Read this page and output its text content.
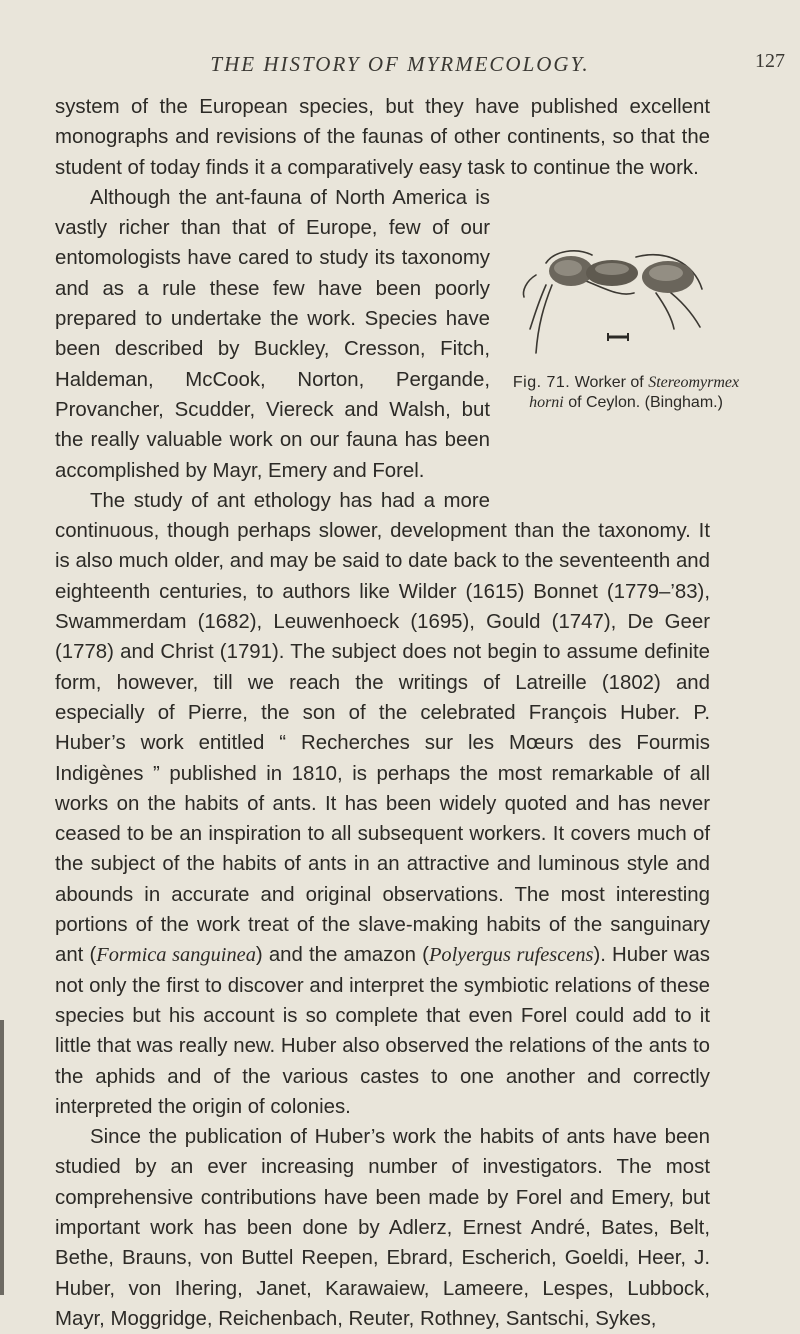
THE HISTORY OF MYRMECOLOGY.	127

system of the European species, but they have published excellent monographs and revisions of the faunas of other continents, so that the student of today finds it a comparatively easy task to continue the work.

Fig. 71. Worker of Stereomyrmex horni of Ceylon. (Bingham.)

Although the ant-fauna of North America is vastly richer than that of Europe, few of our entomologists have cared to study its taxonomy and as a rule these few have been poorly prepared to undertake the work. Species have been described by Buckley, Cresson, Fitch, Haldeman, McCook, Norton, Pergande, Provancher, Scudder, Viereck and Walsh, but the really valuable work on our fauna has been accomplished by Mayr, Emery and Forel.

The study of ant ethology has had a more continuous, though perhaps slower, development than the taxonomy. It is also much older, and may be said to date back to the seventeenth and eighteenth centuries, to authors like Wilder (1615) Bonnet (1779–’83), Swammerdam (1682), Leuwenhoeck (1695), Gould (1747), De Geer (1778) and Christ (1791). The subject does not begin to assume definite form, however, till we reach the writings of Latreille (1802) and especially of Pierre, the son of the celebrated François Huber. P. Huber’s work entitled “ Recherches sur les Mœurs des Fourmis Indigènes ” published in 1810, is perhaps the most remarkable of all works on the habits of ants. It has been widely quoted and has never ceased to be an inspiration to all subsequent workers. It covers much of the subject of the habits of ants in an attractive and luminous style and abounds in accurate and original observations. The most interesting portions of the work treat of the slave-making habits of the sanguinary ant (Formica sanguinea) and the amazon (Polyergus rufescens). Huber was not only the first to discover and interpret the symbiotic relations of these species but his account is so complete that even Forel could add to it little that was really new. Huber also observed the relations of the ants to the aphids and of the various castes to one another and correctly interpreted the origin of colonies.

Since the publication of Huber’s work the habits of ants have been studied by an ever increasing number of investigators. The most comprehensive contributions have been made by Forel and Emery, but important work has been done by Adlerz, Ernest André, Bates, Belt, Bethe, Brauns, von Buttel Reepen, Ebrard, Escherich, Goeldi, Heer, J. Huber, von Ihering, Janet, Karawaiew, Lameere, Lespes, Lubbock, Mayr, Moggridge, Reichenbach, Reuter, Rothney, Santschi, Sykes,
